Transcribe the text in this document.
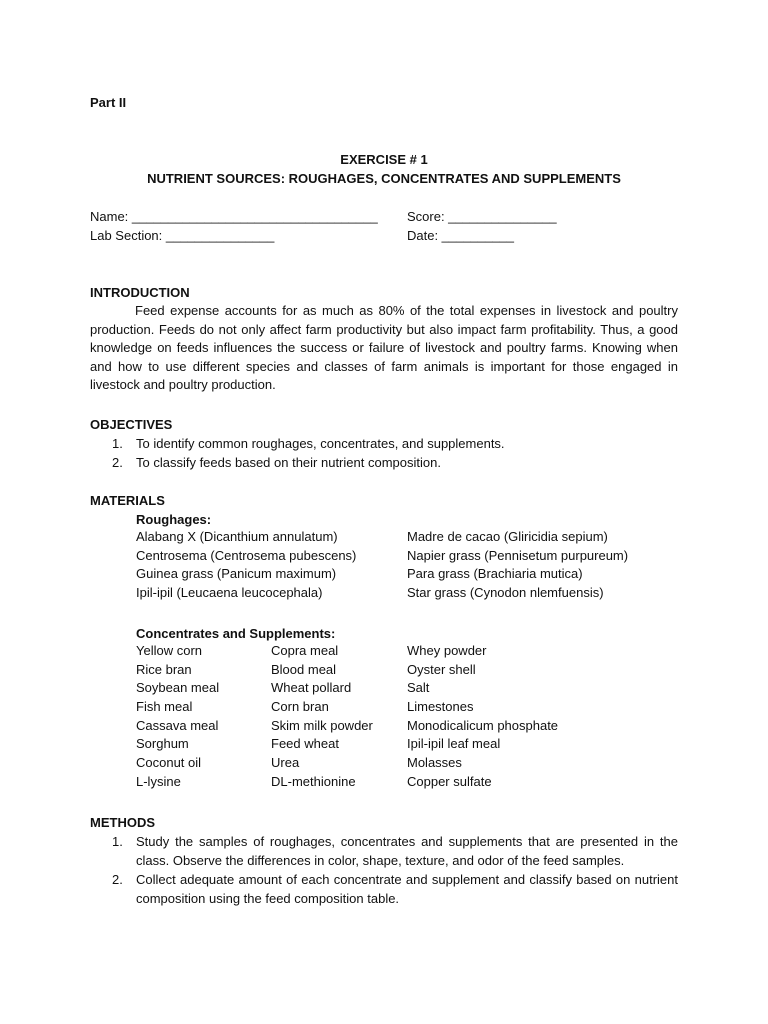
Part II
EXERCISE # 1
NUTRIENT SOURCES: ROUGHAGES, CONCENTRATES AND SUPPLEMENTS
Name: __________________________________ Score: _______________
Lab Section: _______________	Date: __________
INTRODUCTION
Feed expense accounts for as much as 80% of the total expenses in livestock and poultry production. Feeds do not only affect farm productivity but also impact farm profitability. Thus, a good knowledge on feeds influences the success or failure of livestock and poultry farms. Knowing when and how to use different species and classes of farm animals is important for those engaged in livestock and poultry production.
OBJECTIVES
1. To identify common roughages, concentrates, and supplements.
2. To classify feeds based on their nutrient composition.
MATERIALS
Roughages:
Alabang X (Dicanthium annulatum)
Centrosema (Centrosema pubescens)
Guinea grass (Panicum maximum)
Ipil-ipil (Leucaena leucocephala)
Madre de cacao (Gliricidia sepium)
Napier grass (Pennisetum purpureum)
Para grass (Brachiaria mutica)
Star grass (Cynodon nlemfuensis)
Concentrates and Supplements:
Yellow corn
Rice bran
Soybean meal
Fish meal
Cassava meal
Sorghum
Coconut oil
L-lysine
Copra meal
Blood meal
Wheat pollard
Corn bran
Skim milk powder
Feed wheat
Urea
DL-methionine
Whey powder
Oyster shell
Salt
Limestones
Monodicalicum phosphate
Ipil-ipil leaf meal
Molasses
Copper sulfate
METHODS
1. Study the samples of roughages, concentrates and supplements that are presented in the class. Observe the differences in color, shape, texture, and odor of the feed samples.
2. Collect adequate amount of each concentrate and supplement and classify based on nutrient composition using the feed composition table.
